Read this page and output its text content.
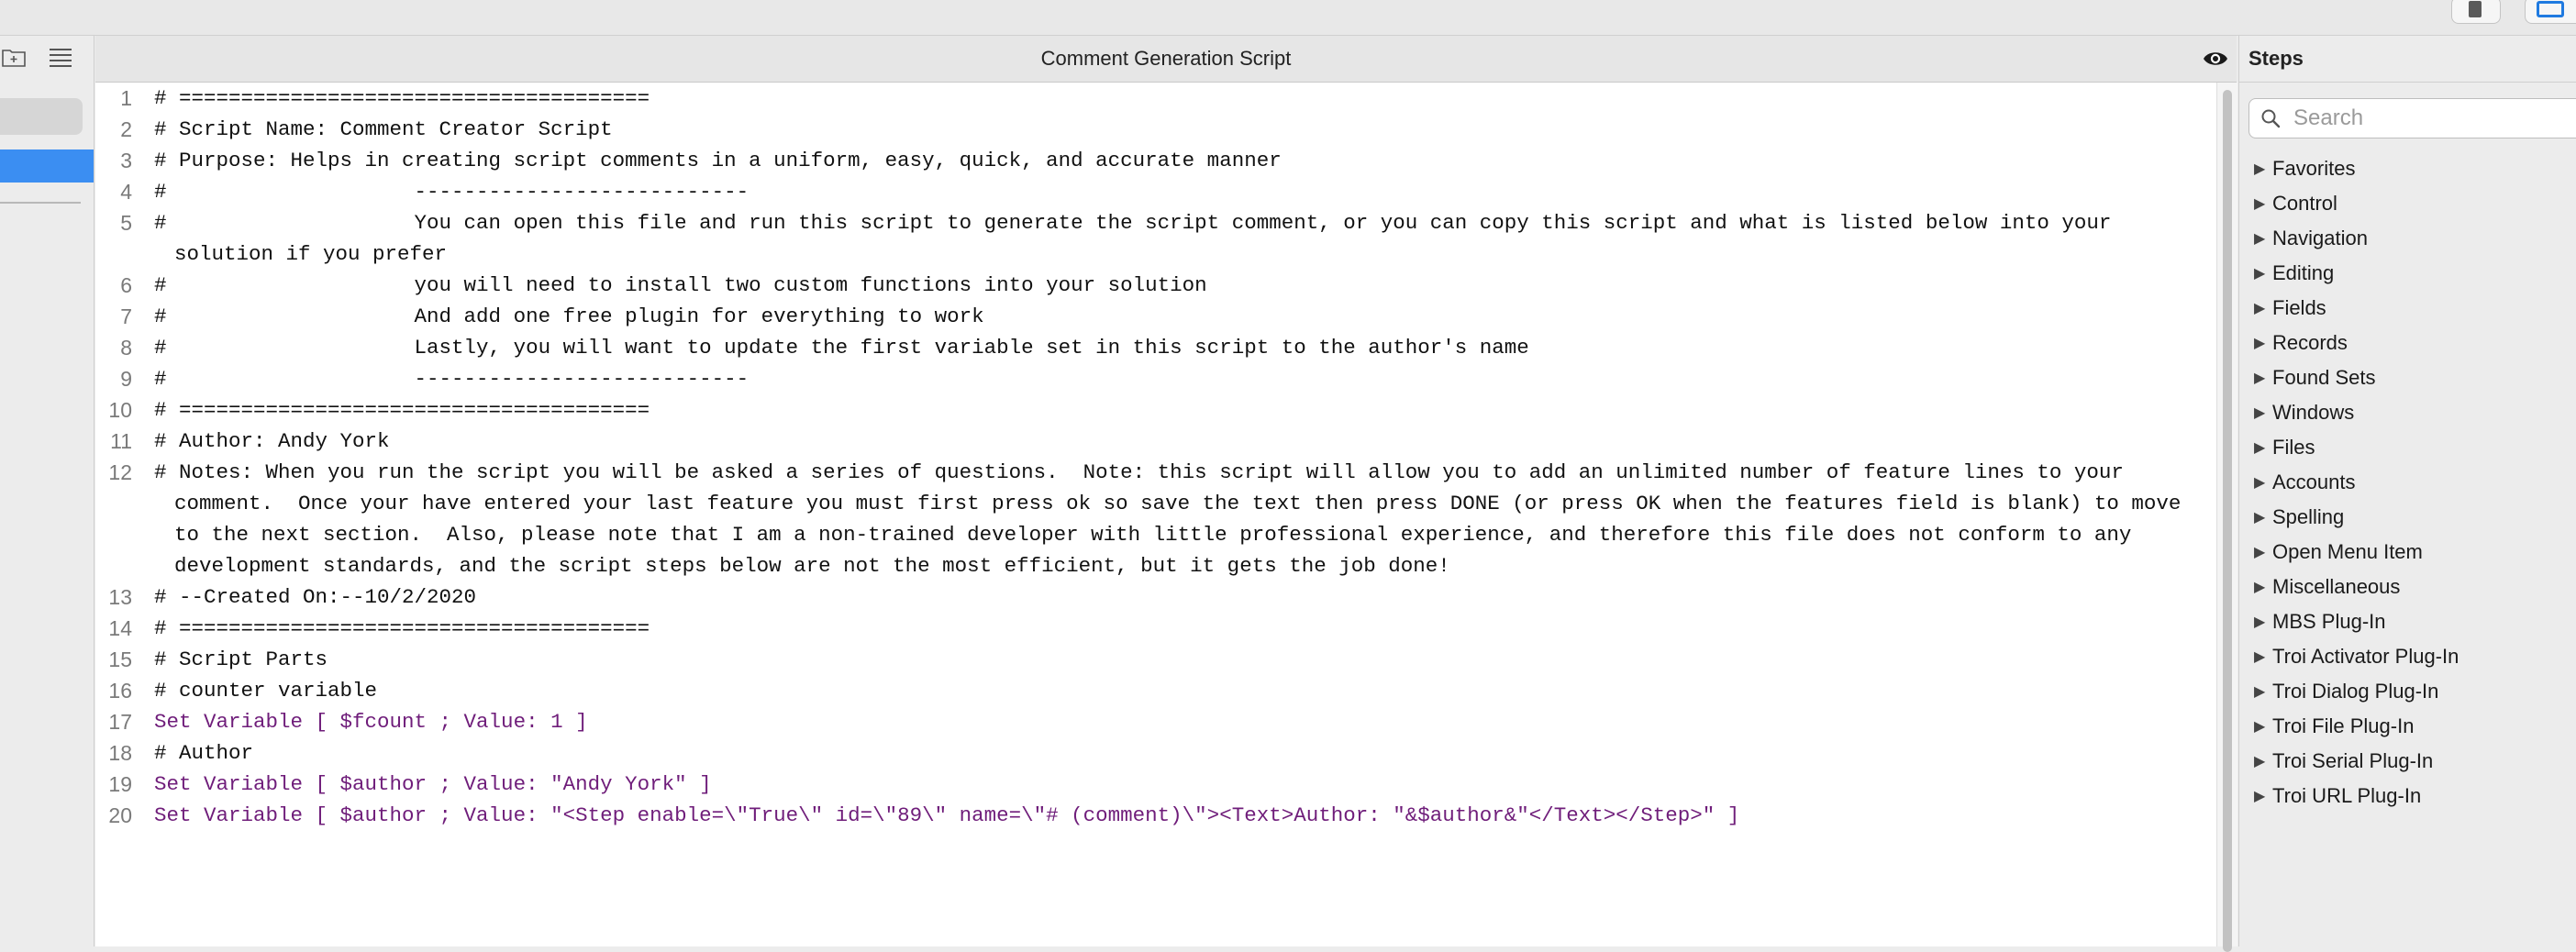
Comment Generation Script
1	# ======================================
2	# Script Name: Comment Creator Script
3	# Purpose: Helps in creating script comments in a uniform, easy, quick, and accurate manner
4	#                    ---------------------------
5	#                    You can open this file and run this script to generate the script comment, or you can copy this script and what is listed below into your solution if you prefer
6	#                    you will need to install two custom functions into your solution
7	#                    And add one free plugin for everything to work
8	#                    Lastly, you will want to update the first variable set in this script to the author's name
9	#                    ---------------------------
10	# ======================================
11	# Author: Andy York
12	# Notes: When you run the script you will be asked a series of questions.  Note: this script will allow you to add an unlimited number of feature lines to your comment.  Once your have entered your last feature you must first press ok so save the text then press DONE (or press OK when the features field is blank) to move to the next section.  Also, please note that I am a non-trained developer with little professional experience, and therefore this file does not conform to any development standards, and the script steps below are not the most efficient, but it gets the job done!
13	# --Created On:--10/2/2020
14	# ======================================
15	# Script Parts
16	# counter variable
17	Set Variable [ $fcount ; Value: 1 ]
18	# Author
19	Set Variable [ $author ; Value: "Andy York" ]
20	Set Variable [ $author ; Value: "<Step enable=\"True\" id=\"89\" name=\"# (comment)\"><Text>Author: "&$author&"</Text></Step>" ]
Steps
Search
▶ Favorites
▶ Control
▶ Navigation
▶ Editing
▶ Fields
▶ Records
▶ Found Sets
▶ Windows
▶ Files
▶ Accounts
▶ Spelling
▶ Open Menu Item
▶ Miscellaneous
▶ MBS Plug-In
▶ Troi Activator Plug-In
▶ Troi Dialog Plug-In
▶ Troi File Plug-In
▶ Troi Serial Plug-In
▶ Troi URL Plug-In
